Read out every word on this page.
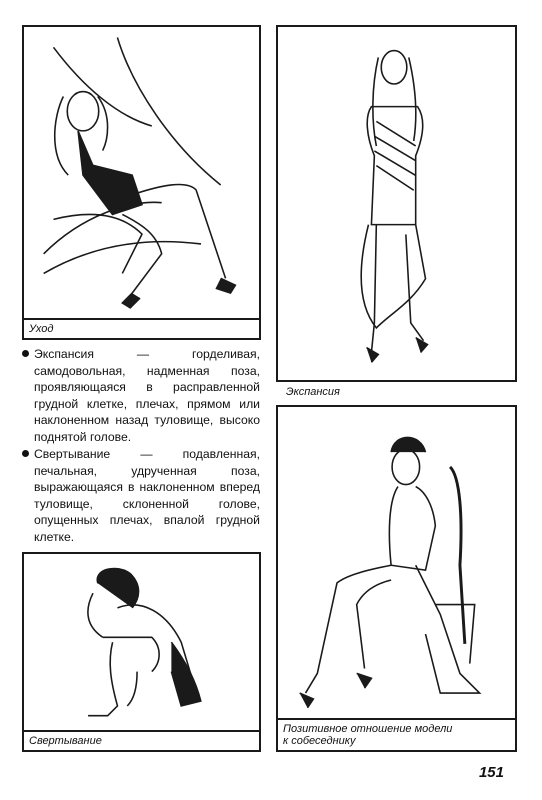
Уход
Экспансия
Экспансия — горделивая, самодовольная, надменная поза, проявляющаяся в расправленной грудной клетке, плечах, прямом или наклоненном назад туловище, высоко поднятой голове.
Свертывание — подавленная, печальная, удрученная поза, выражающаяся в наклоненном вперед туловище, склоненной голове, опущенных плечах, впалой грудной клетке.
Позитивное отношение модели
к собеседнику
Свертывание
151
